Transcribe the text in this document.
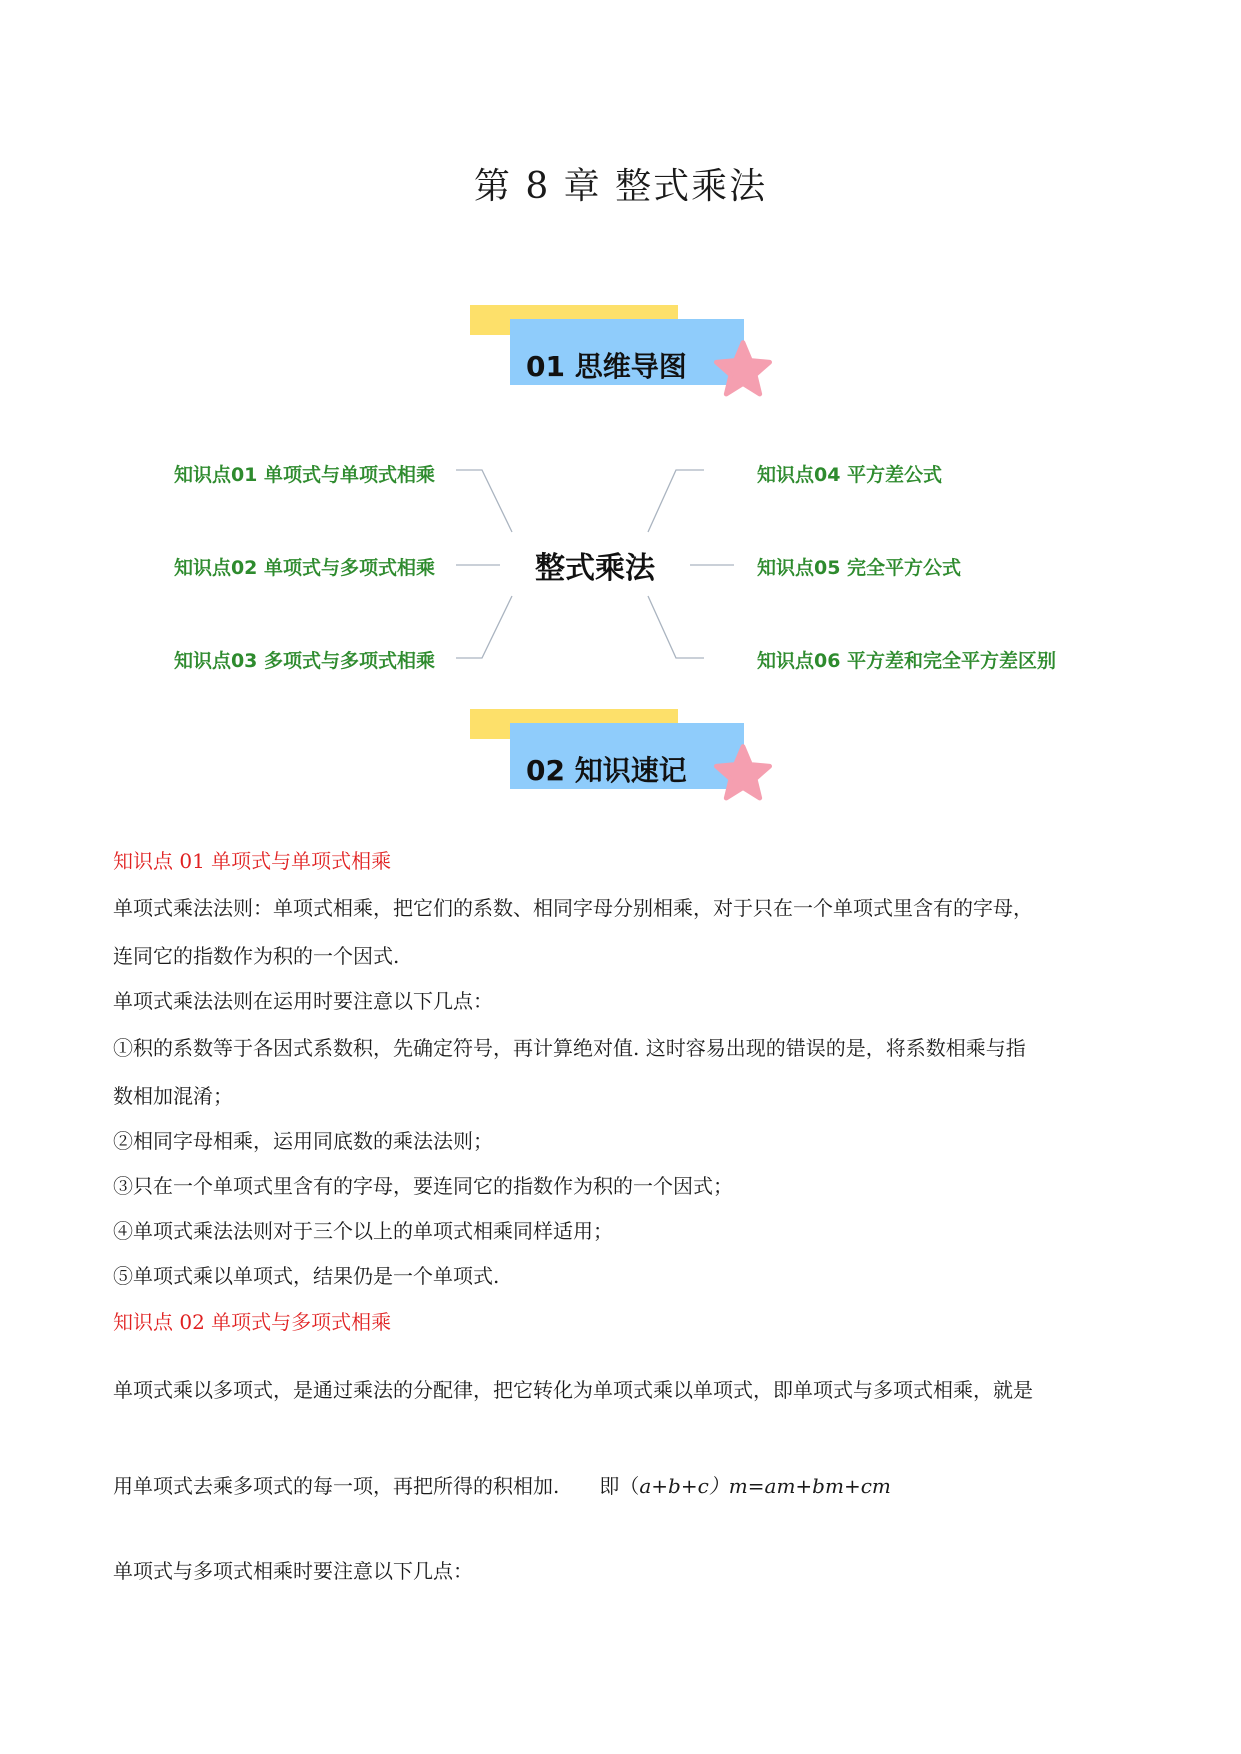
第 8 章 整式乘法
01 思维导图
整式乘法
知识点01 单项式与单项式相乘
知识点02 单项式与多项式相乘
知识点03 多项式与多项式相乘
知识点04 平方差公式
知识点05 完全平方公式
知识点06 平方差和完全平方差区别
02 知识速记
知识点 01 单项式与单项式相乘
单项式乘法法则：单项式相乘，把它们的系数、相同字母分别相乘，对于只在一个单项式里含有的字母，
连同它的指数作为积的一个因式.
单项式乘法法则在运用时要注意以下几点：
①积的系数等于各因式系数积，先确定符号，再计算绝对值. 这时容易出现的错误的是，将系数相乘与指
数相加混淆；
②相同字母相乘，运用同底数的乘法法则；
③只在一个单项式里含有的字母，要连同它的指数作为积的一个因式；
④单项式乘法法则对于三个以上的单项式相乘同样适用；
⑤单项式乘以单项式，结果仍是一个单项式.
知识点 02 单项式与多项式相乘
单项式乘以多项式，是通过乘法的分配律，把它转化为单项式乘以单项式，即单项式与多项式相乘，就是
用单项式去乘多项式的每一项，再把所得的积相加. 即（a+b+c）m=am+bm+cm
单项式与多项式相乘时要注意以下几点：
